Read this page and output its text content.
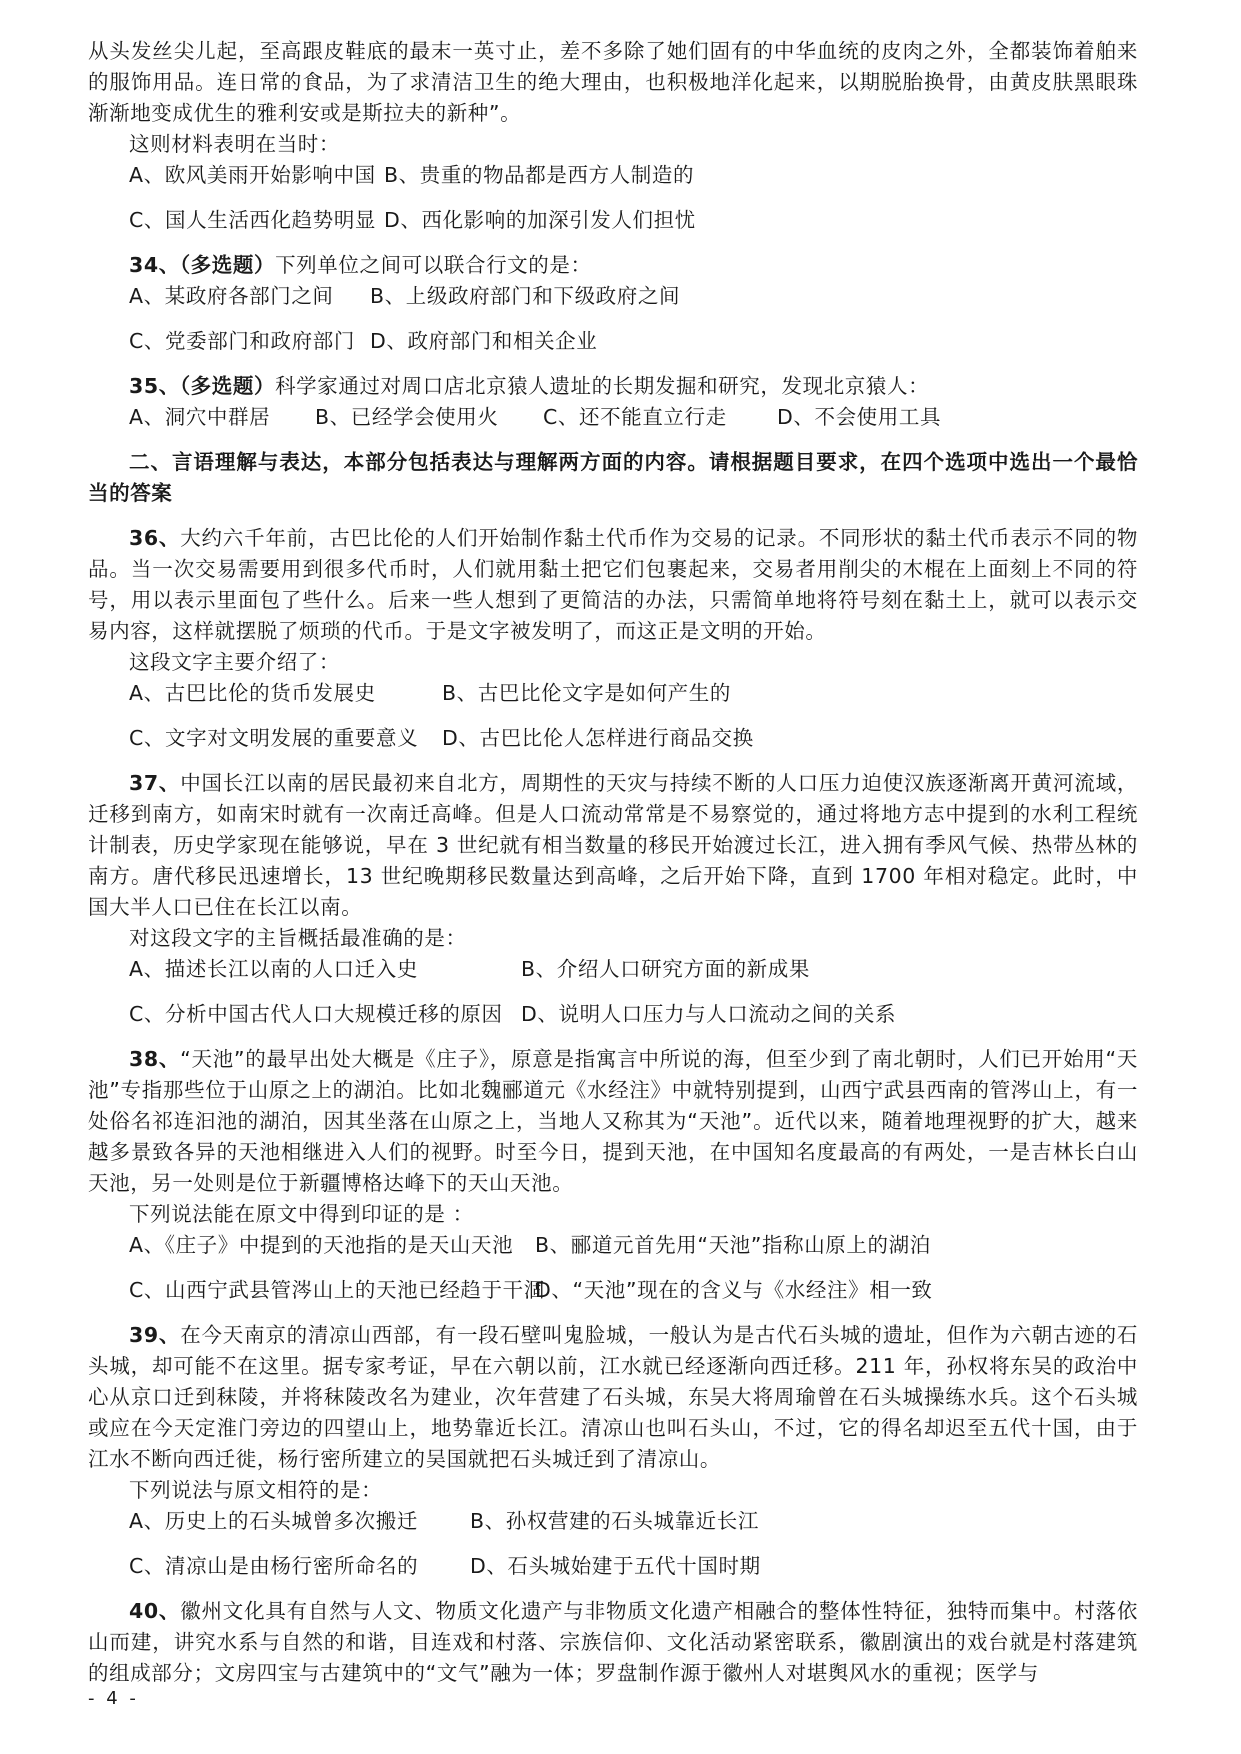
从头发丝尖儿起，至高跟皮鞋底的最末一英寸止，差不多除了她们固有的中华血统的皮肉之外，全都装饰着舶来的服饰用品。连日常的食品，为了求清洁卫生的绝大理由，也积极地洋化起来，以期脱胎换骨，由黄皮肤黑眼珠渐渐地变成优生的雅利安或是斯拉夫的新种”。

这则材料表明在当时：

A、欧风美雨开始影响中国 B、贵重的物品都是西方人制造的
C、国人生活西化趋势明显 D、西化影响的加深引发人们担忧

34、（多选题）下列单位之间可以联合行文的是：

A、某政府各部门之间	B、上级政府部门和下级政府之间
C、党委部门和政府部门 D、政府部门和相关企业

35、（多选题）科学家通过对周口店北京猿人遗址的长期发掘和研究，发现北京猿人：

A、洞穴中群居	B、已经学会使用火	C、还不能直立行走	D、不会使用工具

二、言语理解与表达，本部分包括表达与理解两方面的内容。请根据题目要求，在四个选项中选出一个最恰当的答案

36、大约六千年前，古巴比伦的人们开始制作黏土代币作为交易的记录。不同形状的黏土代币表示不同的物品。当一次交易需要用到很多代币时，人们就用黏土把它们包裹起来，交易者用削尖的木棍在上面刻上不同的符号，用以表示里面包了些什么。后来一些人想到了更简洁的办法，只需简单地将符号刻在黏土上，就可以表示交易内容，这样就摆脱了烦琐的代币。于是文字被发明了，而这正是文明的开始。

这段文字主要介绍了：

A、古巴比伦的货币发展史	B、古巴比伦文字是如何产生的
C、文字对文明发展的重要意义	D、古巴比伦人怎样进行商品交换

37、中国长江以南的居民最初来自北方，周期性的天灾与持续不断的人口压力迫使汉族逐渐离开黄河流域，迁移到南方，如南宋时就有一次南迁高峰。但是人口流动常常是不易察觉的，通过将地方志中提到的水利工程统计制表，历史学家现在能够说，早在 3 世纪就有相当数量的移民开始渡过长江，进入拥有季风气候、热带丛林的南方。唐代移民迅速增长，13 世纪晚期移民数量达到高峰，之后开始下降，直到 1700 年相对稳定。此时，中国大半人口已住在长江以南。

对这段文字的主旨概括最准确的是：

A、描述长江以南的人口迁入史	B、介绍人口研究方面的新成果
C、分析中国古代人口大规模迁移的原因 D、说明人口压力与人口流动之间的关系

38、“天池”的最早出处大概是《庄子》，原意是指寓言中所说的海，但至少到了南北朝时，人们已开始用“天池”专指那些位于山原之上的湖泊。比如北魏郦道元《水经注》中就特别提到，山西宁武县西南的管涔山上，有一处俗名祁连汩池的湖泊，因其坐落在山原之上，当地人又称其为“天池”。近代以来，随着地理视野的扩大，越来越多景致各异的天池相继进入人们的视野。时至今日，提到天池，在中国知名度最高的有两处，一是吉林长白山天池，另一处则是位于新疆博格达峰下的天山天池。

下列说法能在原文中得到印证的是 ：

A、《庄子》中提到的天池指的是天山天池	B、郦道元首先用“天池”指称山原上的湖泊
C、山西宁武县管涔山上的天池已经趋于干涸
D、“天池”现在的含义与《水经注》相一致

39、在今天南京的清凉山西部，有一段石壁叫鬼脸城，一般认为是古代石头城的遗址，但作为六朝古迹的石头城，却可能不在这里。据专家考证，早在六朝以前，江水就已经逐渐向西迁移。211 年，孙权将东吴的政治中心从京口迁到秣陵，并将秣陵改名为建业，次年营建了石头城，东吴大将周瑜曾在石头城操练水兵。这个石头城或应在今天定淮门旁边的四望山上，地势靠近长江。清凉山也叫石头山，不过，它的得名却迟至五代十国，由于江水不断向西迁徙，杨行密所建立的吴国就把石头城迁到了清凉山。

下列说法与原文相符的是：

A、历史上的石头城曾多次搬迁	B、孙权营建的石头城靠近长江
C、清凉山是由杨行密所命名的	D、石头城始建于五代十国时期

40、徽州文化具有自然与人文、物质文化遗产与非物质文化遗产相融合的整体性特征，独特而集中。村落依山而建，讲究水系与自然的和谐，目连戏和村落、宗族信仰、文化活动紧密联系，徽剧演出的戏台就是村落建筑的组成部分；文房四宝与古建筑中的“文气”融为一体；罗盘制作源于徽州人对堪舆风水的重视；医学与

- 4 -
